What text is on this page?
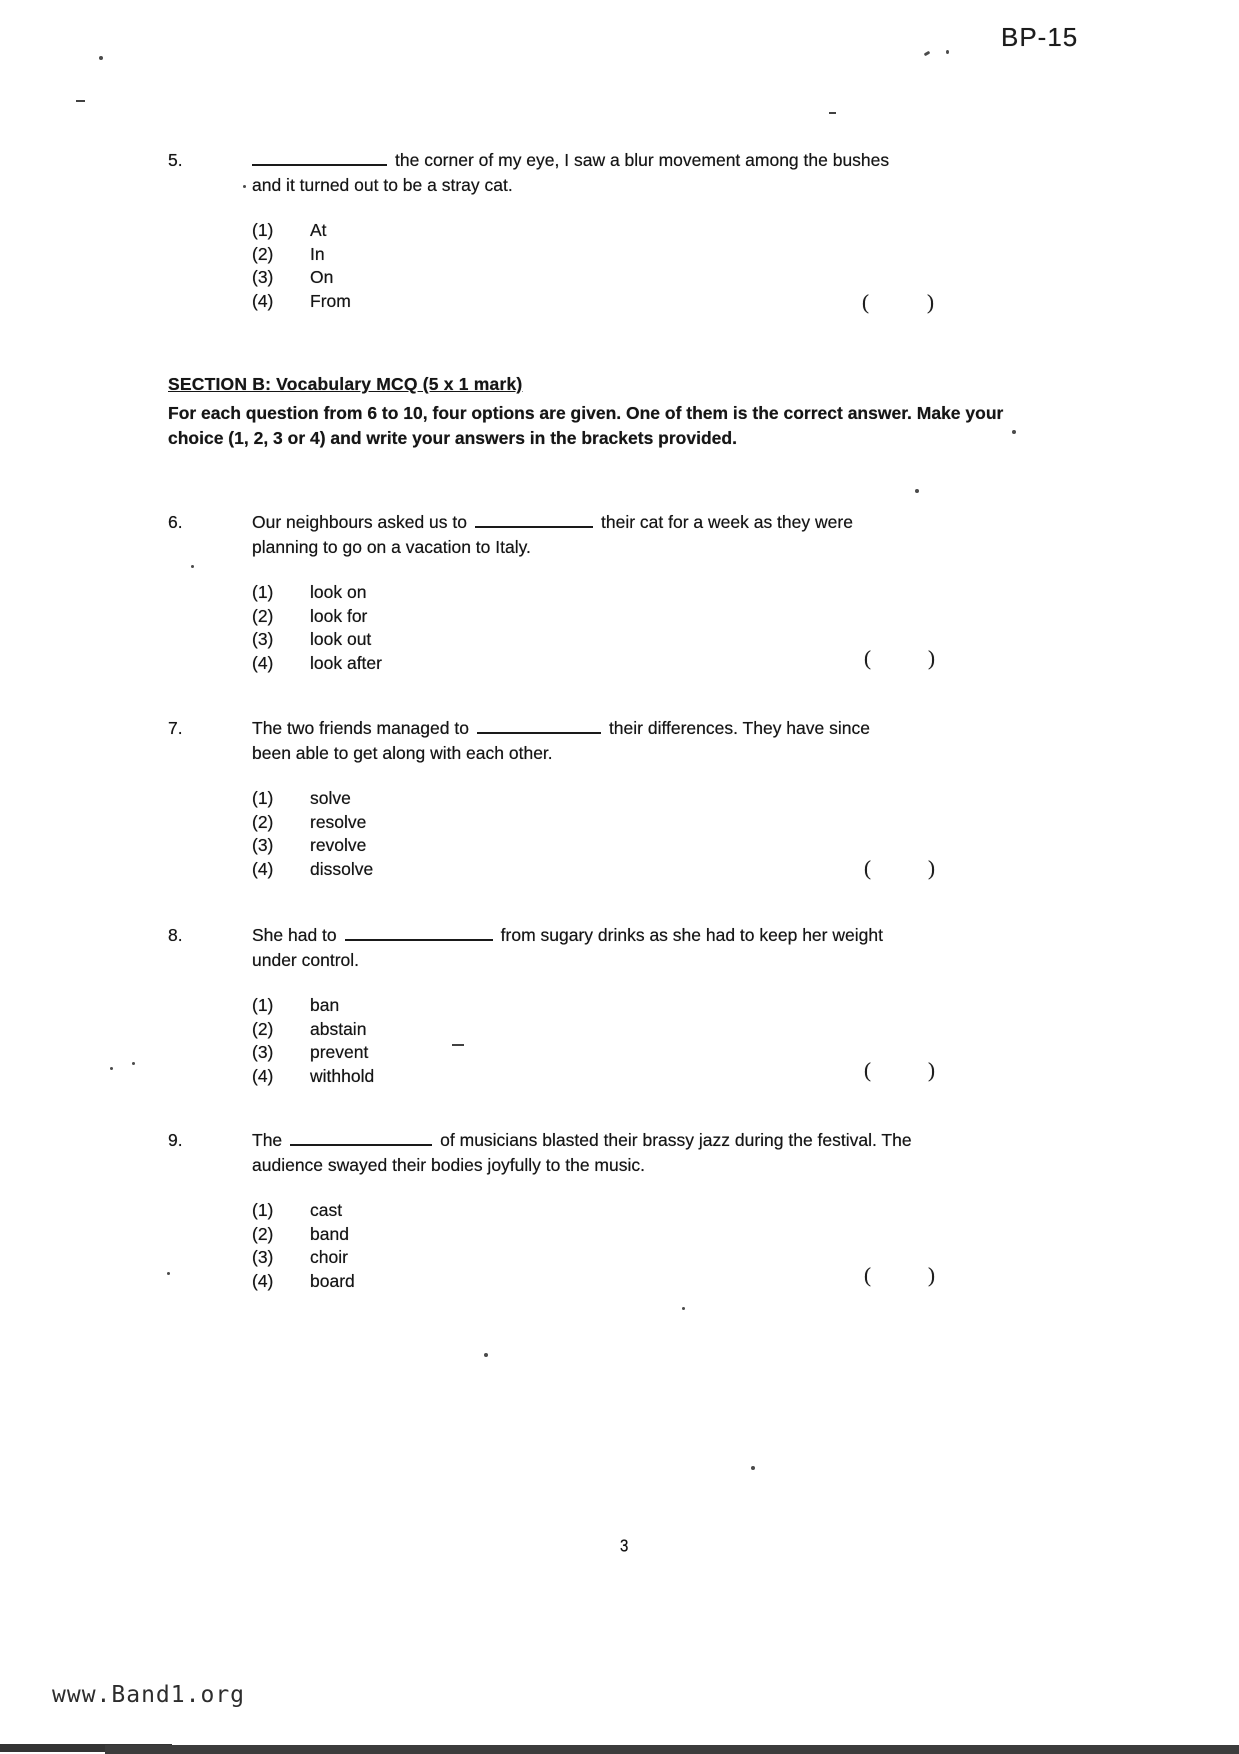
BP-15
5.	the corner of my eye, I saw a blur movement among the bushes
and it turned out to be a stray cat.
(1) At
(2) In
(3) On
(4) From	(	)
SECTION B: Vocabulary MCQ (5 x 1 mark)
For each question from 6 to 10, four options are given. One of them is the correct answer. Make your choice (1, 2, 3 or 4) and write your answers in the brackets provided.
6.	Our neighbours asked us to	their cat for a week as they were
planning to go on a vacation to Italy.
(1) look on
(2) look for
(3) look out
(4) look after	(	)
7.	The two friends managed to	their differences. They have since
been able to get along with each other.
(1) solve
(2) resolve
(3) revolve
(4) dissolve	(	)
8.	She had to	from sugary drinks as she had to keep her weight
under control.
(1) ban
(2) abstain
(3) prevent
(4) withhold	(	)
9.	The	of musicians blasted their brassy jazz during the festival. The
audience swayed their bodies joyfully to the music.
(1) cast
(2) band
(3) choir
(4) board	(	)
3
www.Band1.org
